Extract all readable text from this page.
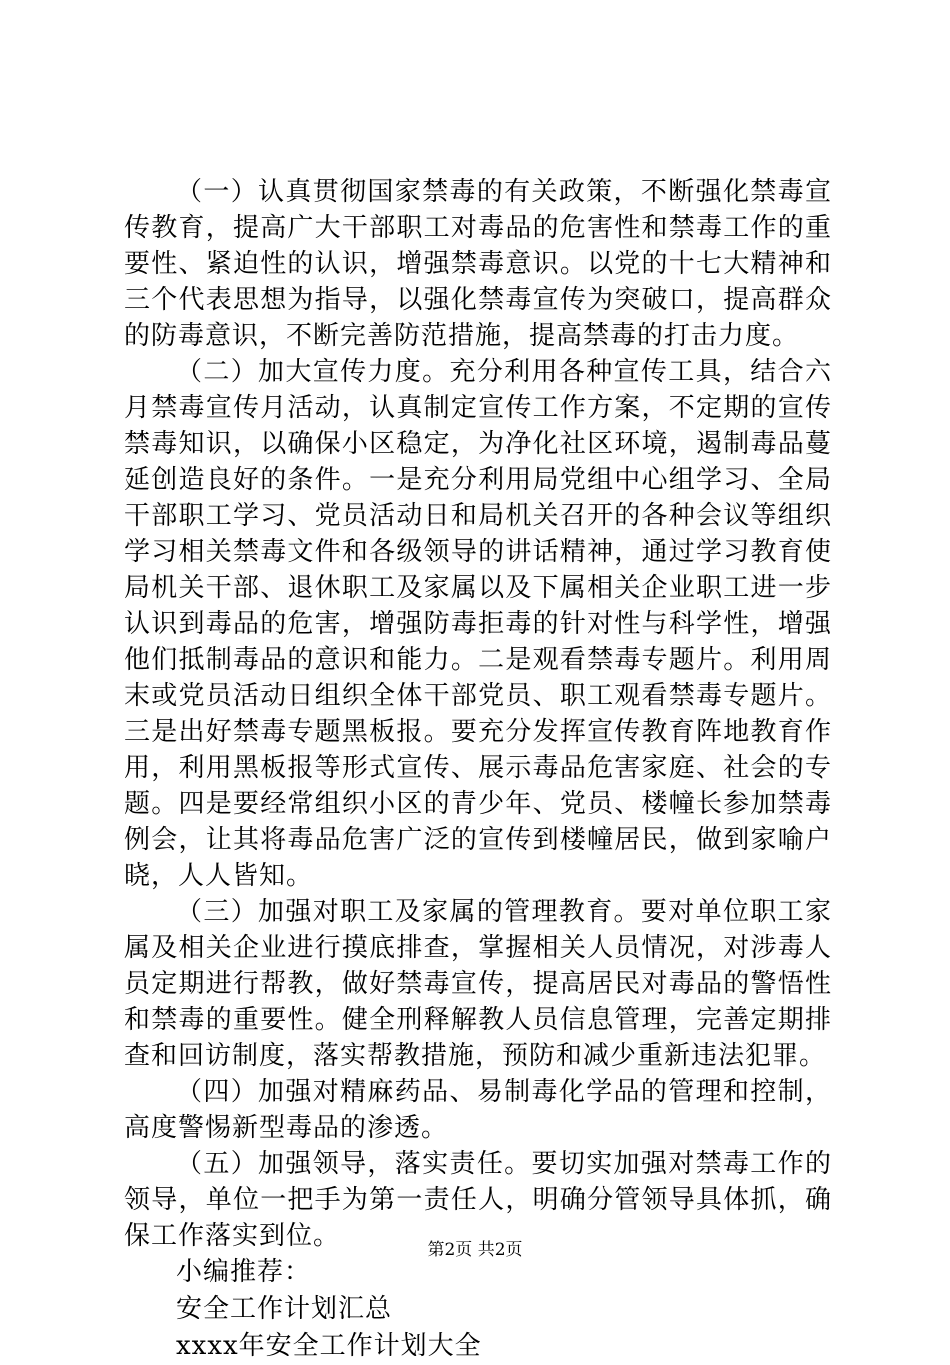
（一）认真贯彻国家禁毒的有关政策，不断强化禁毒宣传教育，提高广大干部职工对毒品的危害性和禁毒工作的重要性、紧迫性的认识，增强禁毒意识。以党的十七大精神和三个代表思想为指导，以强化禁毒宣传为突破口，提高群众的防毒意识，不断完善防范措施，提高禁毒的打击力度。

（二）加大宣传力度。充分利用各种宣传工具，结合六月禁毒宣传月活动，认真制定宣传工作方案，不定期的宣传禁毒知识，以确保小区稳定，为净化社区环境，遏制毒品蔓延创造良好的条件。一是充分利用局党组中心组学习、全局干部职工学习、党员活动日和局机关召开的各种会议等组织学习相关禁毒文件和各级领导的讲话精神，通过学习教育使局机关干部、退休职工及家属以及下属相关企业职工进一步认识到毒品的危害，增强防毒拒毒的针对性与科学性，增强他们抵制毒品的意识和能力。二是观看禁毒专题片。利用周末或党员活动日组织全体干部党员、职工观看禁毒专题片。三是出好禁毒专题黑板报。要充分发挥宣传教育阵地教育作用，利用黑板报等形式宣传、展示毒品危害家庭、社会的专题。四是要经常组织小区的青少年、党员、楼幢长参加禁毒例会，让其将毒品危害广泛的宣传到楼幢居民，做到家喻户晓，人人皆知。

（三）加强对职工及家属的管理教育。要对单位职工家属及相关企业进行摸底排查，掌握相关人员情况，对涉毒人员定期进行帮教，做好禁毒宣传，提高居民对毒品的警悟性和禁毒的重要性。健全刑释解教人员信息管理，完善定期排查和回访制度，落实帮教措施，预防和减少重新违法犯罪。

（四）加强对精麻药品、易制毒化学品的管理和控制，高度警惕新型毒品的渗透。

（五）加强领导，落实责任。要切实加强对禁毒工作的领导，单位一把手为第一责任人，明确分管领导具体抓，确保工作落实到位。

小编推荐：

安全工作计划汇总

xxxx年安全工作计划大全

第2页 共2页
